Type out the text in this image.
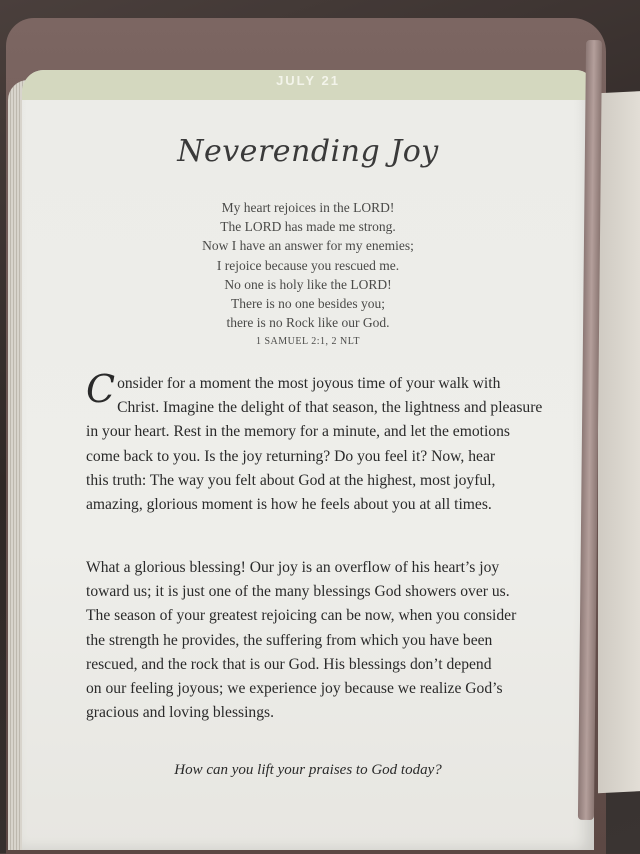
JULY 21
Neverending Joy
My heart rejoices in the LORD!
The LORD has made me strong.
Now I have an answer for my enemies;
I rejoice because you rescued me.
No one is holy like the LORD!
There is no one besides you;
there is no Rock like our God.
1 SAMUEL 2:1, 2 NLT
C onsider for a moment the most joyous time of your walk with
Christ. Imagine the delight of that season, the lightness and pleasure
in your heart. Rest in the memory for a minute, and let the emotions
come back to you. Is the joy returning? Do you feel it? Now, hear
this truth: The way you felt about God at the highest, most joyful,
amazing, glorious moment is how he feels about you at all times.
What a glorious blessing! Our joy is an overflow of his heart’s joy
toward us; it is just one of the many blessings God showers over us.
The season of your greatest rejoicing can be now, when you consider
the strength he provides, the suffering from which you have been
rescued, and the rock that is our God. His blessings don’t depend
on our feeling joyous; we experience joy because we realize God’s
gracious and loving blessings.
How can you lift your praises to God today?
